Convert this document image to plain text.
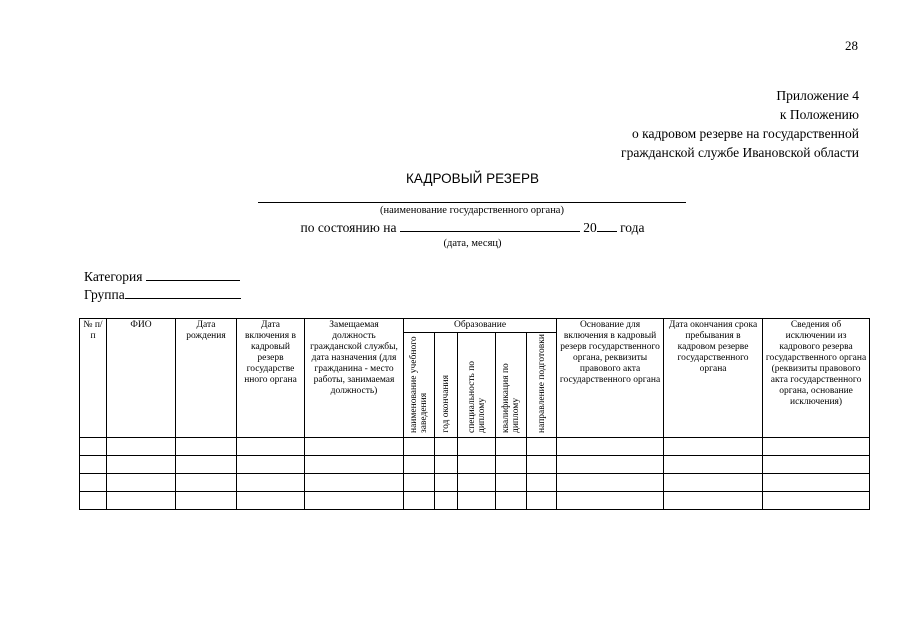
28
Приложение 4
к Положению
о кадровом резерве на государственной
гражданской службе Ивановской области
КАДРОВЫЙ РЕЗЕРВ
(наименование государственного органа)
по состоянию на	20 года
(дата, месяц)
Категория
Группа
№ п/п	ФИО	Дата рождения	Дата включения в кадровый резерв государстве нного органа	Замещаемая должность гражданской службы, дата назначения (для гражданина - место работы, занимаемая должность)	Образование					Основание для включения в кадровый резерв государственного органа, реквизиты правового акта государственного органа	Дата окончания срока пребывания в кадровом резерве государственного органа	Сведения об исключении из кадрового резерва государственного органа (реквизиты правового акта государственного органа, основание исключения)
					наименование учебного заведения	год окончания	специальность по диплому	квалификация по диплому	направление подготовки			
